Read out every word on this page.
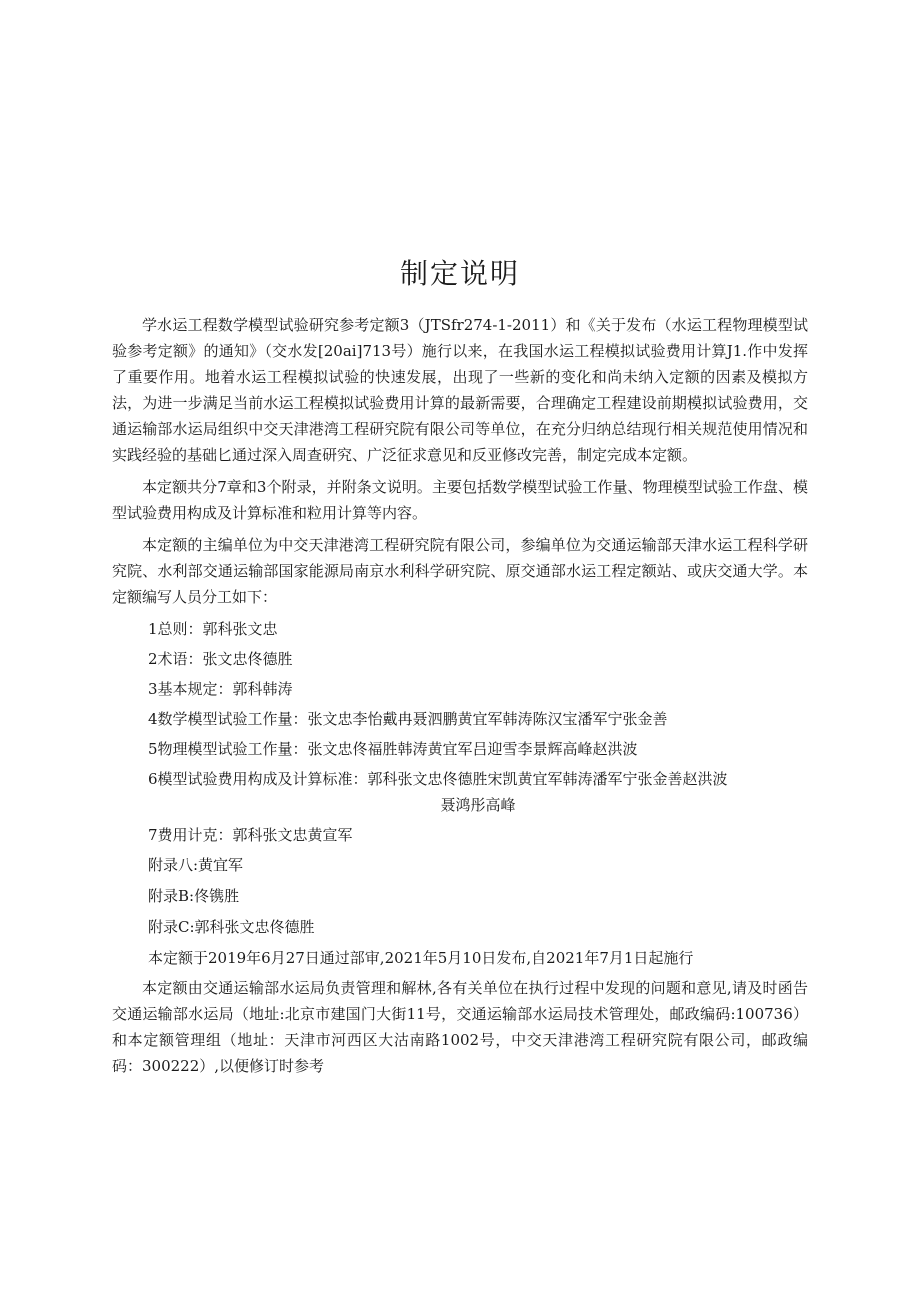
制定说明

学水运工程数学模型试验研究参考定额3（JTSfr274-1-2011）和《关于发布（水运工程物理模型试验参考定额》的通知》（交水发[20ai]713号）施行以来，在我国水运工程模拟试验费用计算J1.作中发挥了重要作用。地着水运工程模拟试验的快速发展，出现了一些新的变化和尚未纳入定额的因素及模拟方法，为进一步满足当前水运工程模拟试验费用计算的最新需要，合理确定工程建设前期模拟试验费用，交通运输部水运局组织中交天津港湾工程研究院有限公司等单位，在充分归纳总结现行相关规范使用情况和实践经验的基础匕通过深入周查研究、广泛征求意见和反亚修改完善，制定完成本定额。

本定额共分7章和3个附录，并附条文说明。主要包括数学模型试验工作量、物理模型试验工作盘、模型试验费用构成及计算标准和粒用计算等内容。

本定额的主编单位为中交天津港湾工程研究院有限公司，参编单位为交通运输部天津水运工程科学研究院、水利部交通运输部国家能源局南京水利科学研究院、原交通部水运工程定额站、或庆交通大学。本定额编写人员分工如下：

1总则：郭科张文忠

2术语：张文忠佟德胜

3基本规定：郭科韩涛

4数学模型试验工作量：张文忠李怡戴冉聂泗鹏黄宜军韩涛陈汉宝潘军宁张金善

5物理模型试验工作量：张文忠佟福胜韩涛黄宜军吕迎雪李景辉高峰赵洪波

6模型试验费用构成及计算标准：郭科张文忠佟德胜宋凯黄宜军韩涛潘军宁张金善赵洪波
聂鸿彤高峰

7费用计克：郭科张文忠黄宣军

附录八:黄宜军

附录B:佟镌胜

附录C:郭科张文忠佟德胜

本定额于2019年6月27日通过部审,2021年5月10日发布,自2021年7月1日起施行

本定额由交通运输部水运局负责管理和解林,各有关单位在执行过程中发现的问题和意见,请及时函告交通运输部水运局（地址:北京市建国门大街11号，交通运输部水运局技术管理处，邮政编码:100736）和本定额管理组（地址：天津市河西区大沽南路1002号，中交天津港湾工程研究院有限公司，邮政编码：300222）,以便修订时参考
